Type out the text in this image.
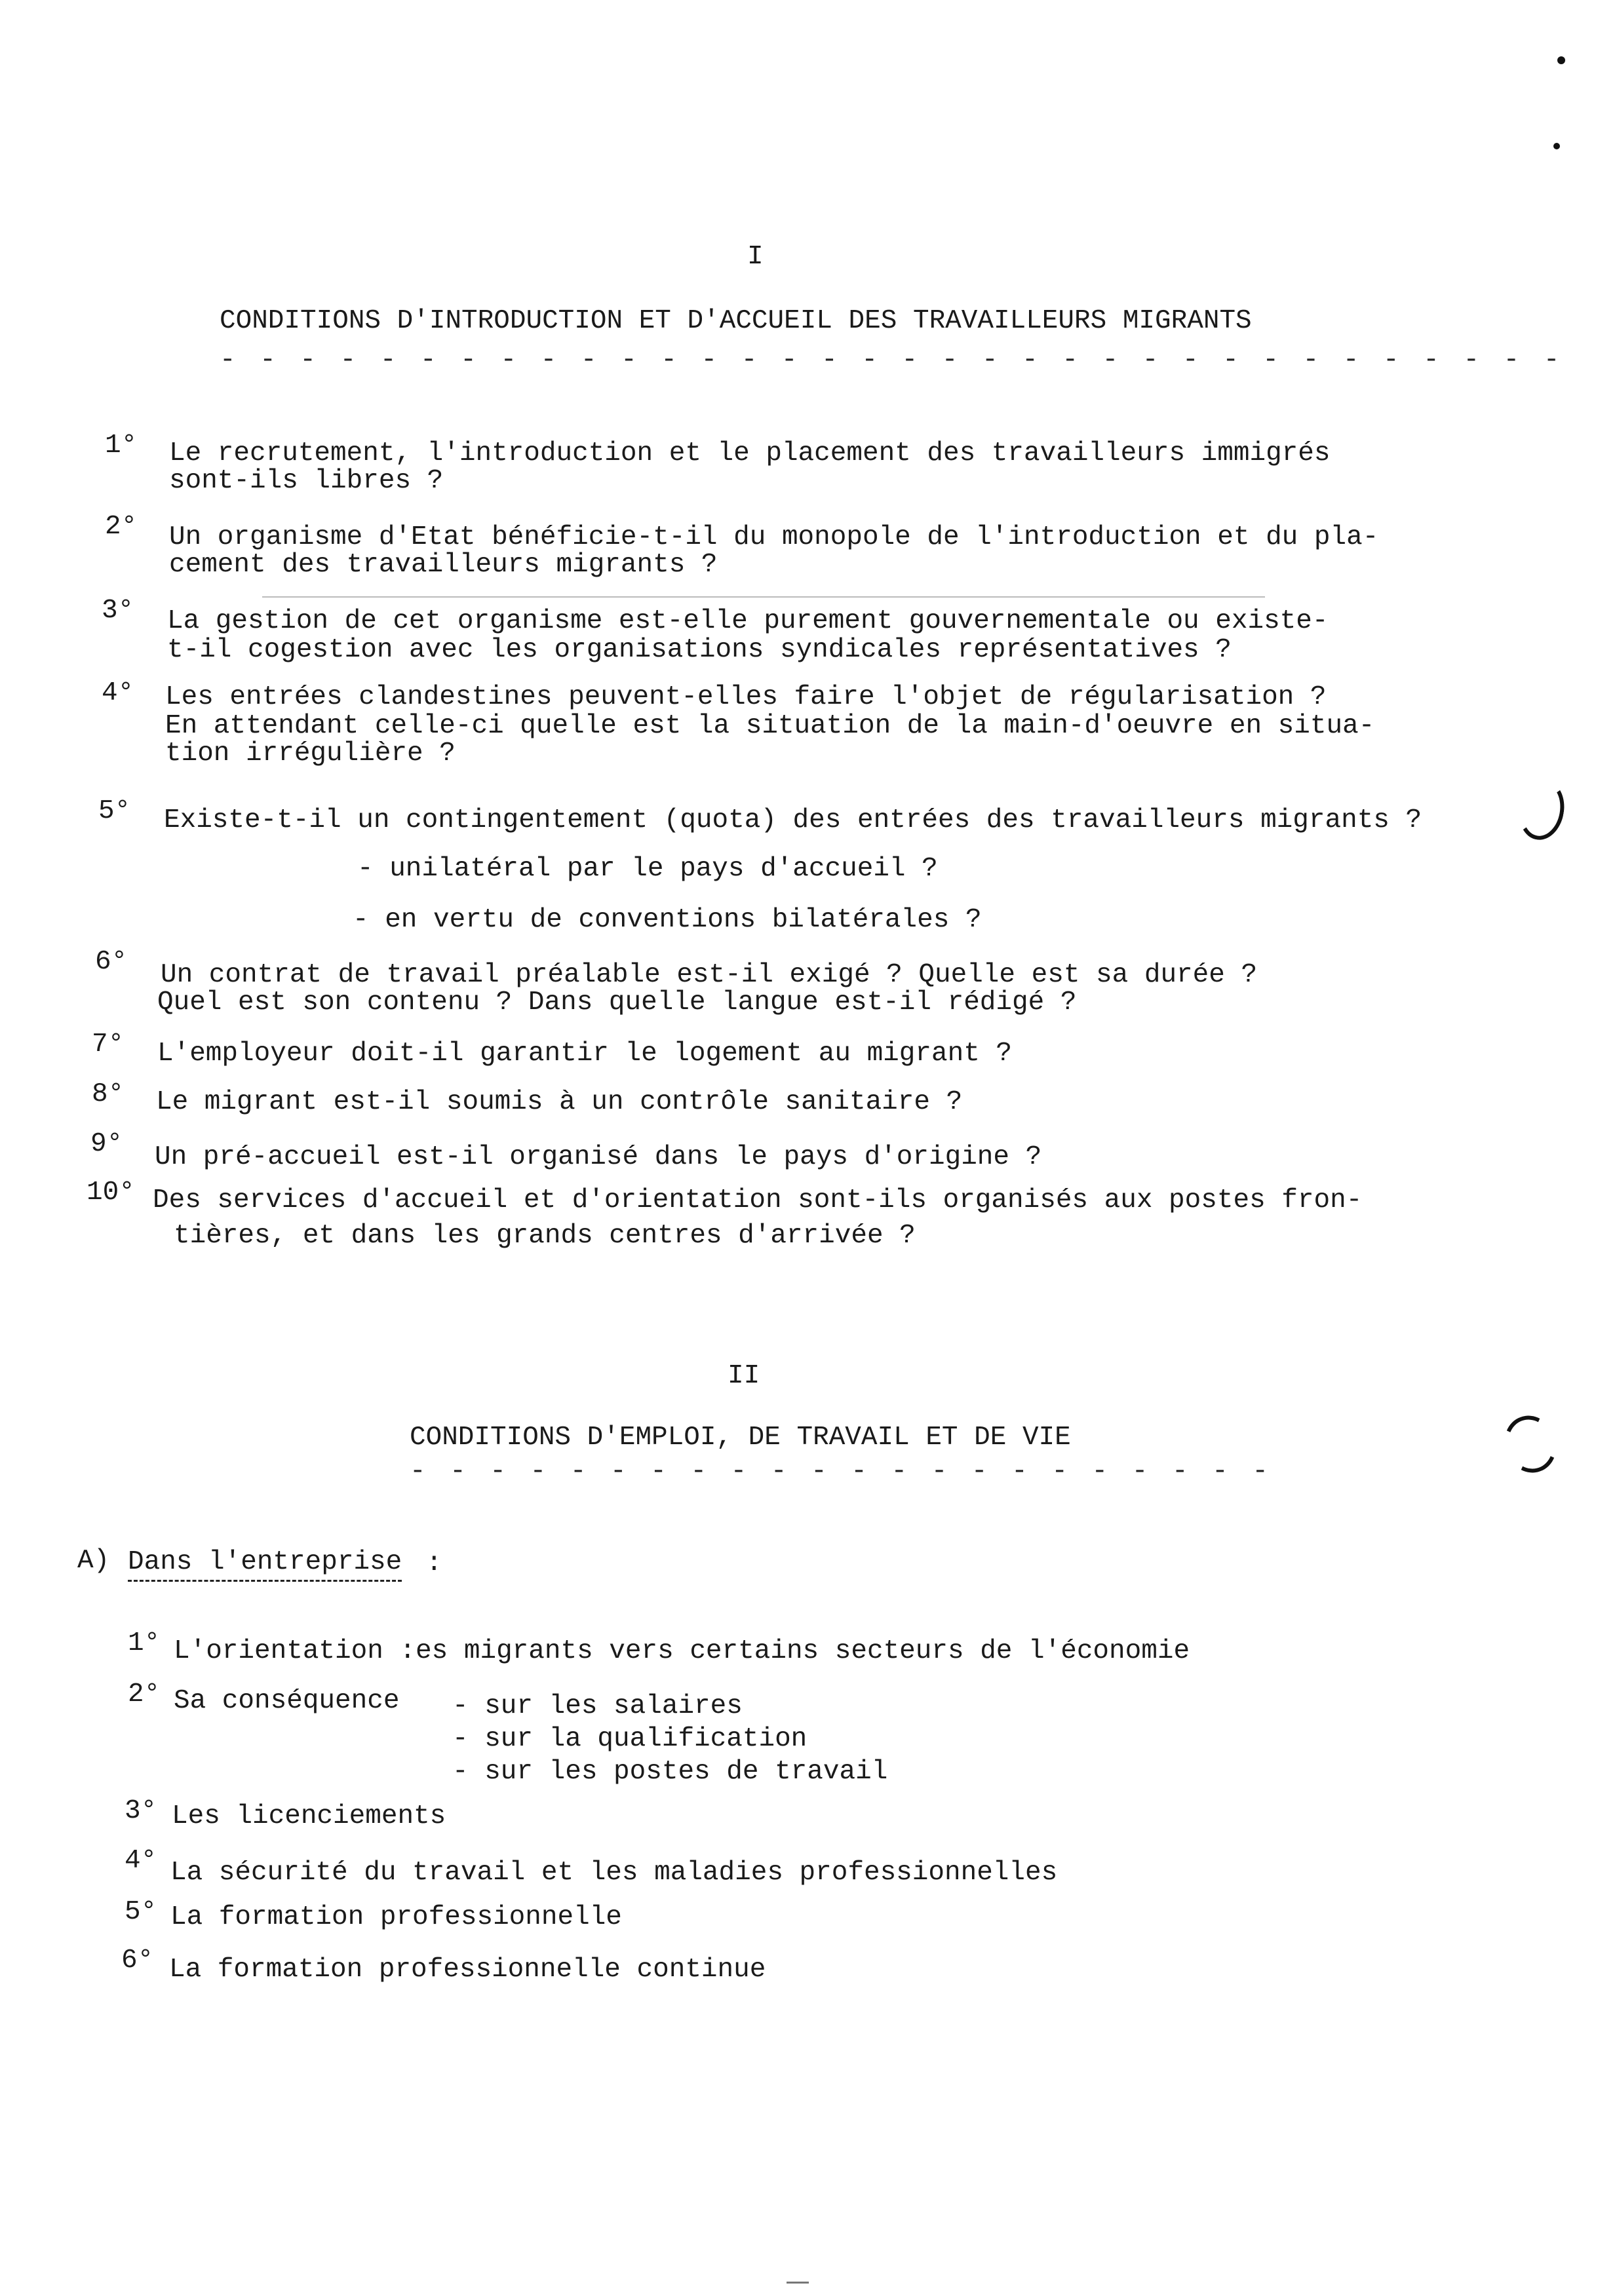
I
CONDITIONS D'INTRODUCTION ET D'ACCUEIL DES TRAVAILLEURS MIGRANTS
- - - - - - - - - - - - - - - - - - - - - - - - - - - - - - - - - -
1° Le recrutement, l'introduction et le placement des travailleurs immigrés
sont-ils libres ?
2° Un organisme d'Etat bénéficie-t-il du monopole de l'introduction et du pla-
cement des travailleurs migrants ?
3° La gestion de cet organisme est-elle purement gouvernementale ou existe-
t-il cogestion avec les organisations syndicales représentatives ?
4° Les entrées clandestines peuvent-elles faire l'objet de régularisation ?
En attendant celle-ci quelle est la situation de la main-d'oeuvre en situa-
tion irrégulière ?
5° Existe-t-il un contingentement (quota) des entrées des travailleurs migrants ?
- unilatéral par le pays d'accueil ?
- en vertu de conventions bilatérales ?
6° Un contrat de travail préalable est-il exigé ? Quelle est sa durée ?
Quel est son contenu ? Dans quelle langue est-il rédigé ?
7° L'employeur doit-il garantir le logement au migrant ?
8° Le migrant est-il soumis à un contrôle sanitaire ?
9° Un pré-accueil est-il organisé dans le pays d'origine ?
10° Des services d'accueil et d'orientation sont-ils organisés aux postes fron-
tières, et dans les grands centres d'arrivée ?
II
CONDITIONS D'EMPLOI, DE TRAVAIL ET DE VIE
- - - - - - - - - - - - - - - - - - - - - -
A) Dans l'entreprise :
1° L'orientation :es migrants vers certains secteurs de l'économie
2° Sa conséquence - sur les salaires
- sur la qualification
- sur les postes de travail
3° Les licenciements
4° La sécurité du travail et les maladies professionnelles
5° La formation professionnelle
6° La formation professionnelle continue
